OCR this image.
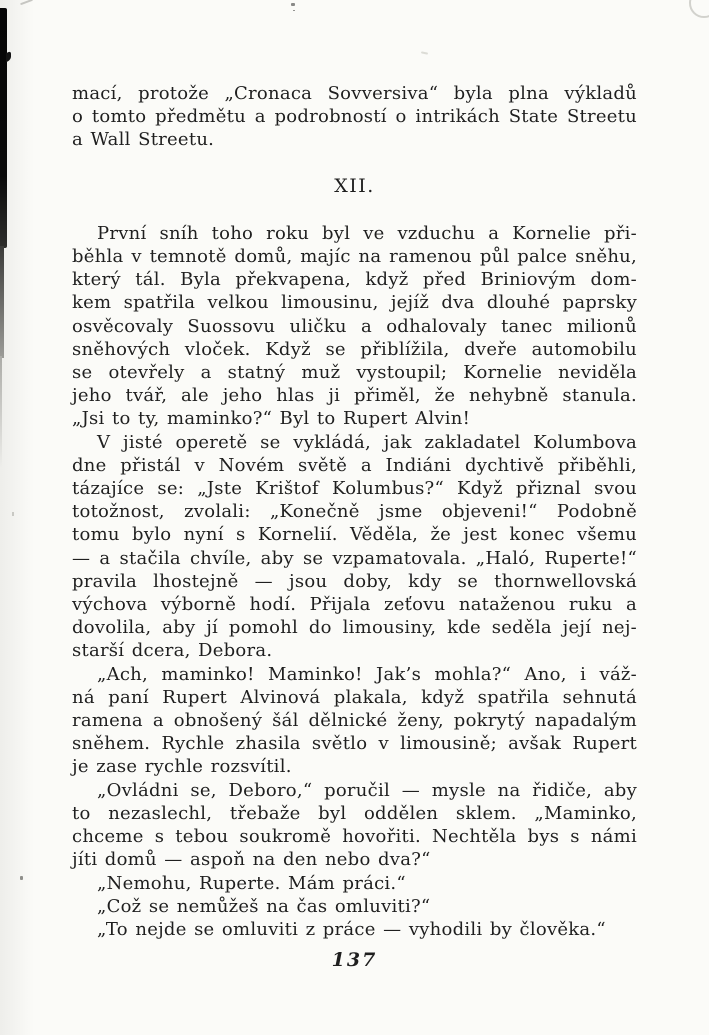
mací, protože „Cronaca Sovversiva“ byla plna výkladů
o tomto předmětu a podrobností o intrikách State Streetu
a Wall Streetu.
XII.
První sníh toho roku byl ve vzduchu a Kornelie při-
běhla v temnotě domů, majíc na ramenou půl palce sněhu,
který tál. Byla překvapena, když před Briniovým dom-
kem spatřila velkou limousinu, jejíž dva dlouhé paprsky
osvěcovaly Suossovu uličku a odhalovaly tanec milionů
sněhových vloček. Když se přiblížila, dveře automobilu
se otevřely a statný muž vystoupil; Kornelie neviděla
jeho tvář, ale jeho hlas ji přiměl, že nehybně stanula.
„Jsi to ty, maminko?“ Byl to Rupert Alvin!
V jisté operetě se vykládá, jak zakladatel Kolumbova
dne přistál v Novém světě a Indiáni dychtivě přiběhli,
tázajíce se: „Jste Krištof Kolumbus?“ Když přiznal svou
totožnost, zvolali: „Konečně jsme objeveni!“ Podobně
tomu bylo nyní s Kornelií. Věděla, že jest konec všemu
— a stačila chvíle, aby se vzpamatovala. „Haló, Ruperte!“
pravila lhostejně — jsou doby, kdy se thornwellovská
výchova výborně hodí. Přijala zeťovu nataženou ruku a
dovolila, aby jí pomohl do limousiny, kde seděla její nej-
starší dcera, Debora.
„Ach, maminko! Maminko! Jak’s mohla?“ Ano, i váž-
ná paní Rupert Alvinová plakala, když spatřila sehnutá
ramena a obnošený šál dělnické ženy, pokrytý napadalým
sněhem. Rychle zhasila světlo v limousině; avšak Rupert
je zase rychle rozsvítil.
„Ovládni se, Deboro,“ poručil — mysle na řidiče, aby
to nezaslechl, třebaže byl oddělen sklem. „Maminko,
chceme s tebou soukromě hovořiti. Nechtěla bys s námi
jíti domů — aspoň na den nebo dva?“
„Nemohu, Ruperte. Mám práci.“
„Což se nemůžeš na čas omluviti?“
„To nejde se omluviti z práce — vyhodili by člověka.“
137
